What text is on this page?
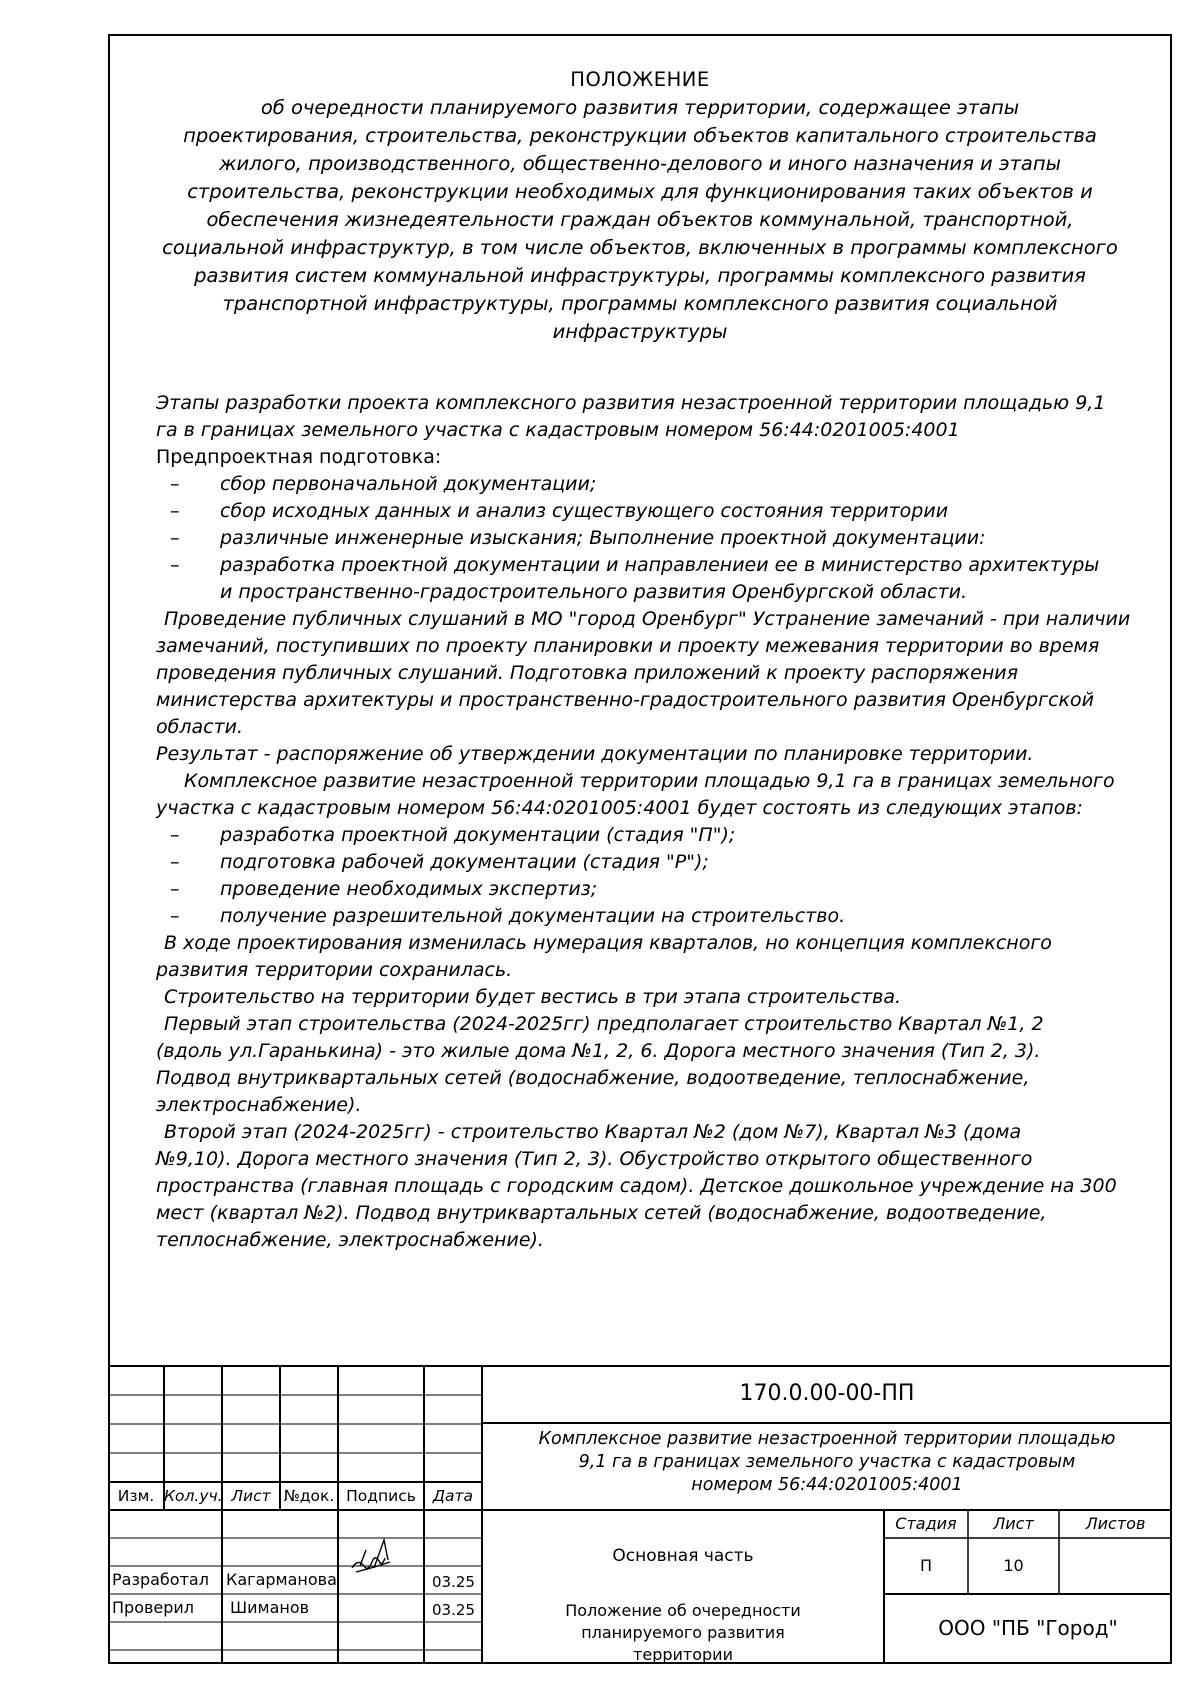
ПОЛОЖЕНИЕ
об очередности планируемого развития территории, содержащее этапы
проектирования, строительства, реконструкции объектов капитального строительства
жилого, производственного, общественно-делового и иного назначения и этапы
строительства, реконструкции необходимых для функционирования таких объектов и
обеспечения жизнедеятельности граждан объектов коммунальной, транспортной,
социальной инфраструктур, в том числе объектов, включенных в программы комплексного
развития систем коммунальной инфраструктуры, программы комплексного развития
транспортной инфраструктуры, программы комплексного развития социальной
инфраструктуры

Этапы разработки проекта комплексного развития незастроенной территории площадью 9,1

га в границах земельного участка с кадастровым номером 56:44:0201005:4001

Предпроектная подготовка:

– сбор первоначальной документации;
– сбор исходных данных и анализ существующего состояния территории
– различные инженерные изыскания; Выполнение проектной документации:
– разработка проектной документации и направлениеи ее в министерство архитектуры
и пространственно-градостроительного развития Оренбургской области.

Проведение публичных слушаний в МО "город Оренбург" Устранение замечаний - при наличии

замечаний, поступивших по проекту планировки и проекту межевания территории во время

проведения публичных слушаний. Подготовка приложений к проекту распоряжения

министерства архитектуры и пространственно-градостроительного развития Оренбургской

области.

Результат - распоряжение об утверждении документации по планировке территории.

Комплексное развитие незастроенной территории площадью 9,1 га в границах земельного

участка с кадастровым номером 56:44:0201005:4001 будет состоять из следующих этапов:

– разработка проектной документации (стадия "П");
– подготовка рабочей документации (стадия "Р");
– проведение необходимых экспертиз;
– получение разрешительной документации на строительство.

В ходе проектирования изменилась нумерация кварталов, но концепция комплексного

развития территории сохранилась.

Строительство на территории будет вестись в три этапа строительства.

Первый этап строительства (2024-2025гг) предполагает строительство Квартал №1, 2

(вдоль ул.Гаранькина) - это жилые дома №1, 2, 6. Дорога местного значения (Тип 2, 3).

Подвод внутриквартальных сетей (водоснабжение, водоотведение, теплоснабжение,

электроснабжение).

Второй этап (2024-2025гг) - строительство Квартал №2 (дом №7), Квартал №3 (дома

№9,10). Дорога местного значения (Тип 2, 3). Обустройство открытого общественного

пространства (главная площадь с городским садом). Детское дошкольное учреждение на 300

мест (квартал №2). Подвод внутриквартальных сетей (водоснабжение, водоотведение,

теплоснабжение, электроснабжение).

170.0.00-00-ПП
Комплексное развитие незастроенной территории площадью
9,1 га в границах земельного участка с кадастровым
номером 56:44:0201005:4001
Изм. Кол.уч. Лист №док. Подпись	Дата
Разработал Кагарманова	03.25
Проверил Шиманов	03.25
Основная часть
Стадия	Лист	Листов
П	10
Положение об очередности
планируемого развития
территории
ООО "ПБ "Город"
